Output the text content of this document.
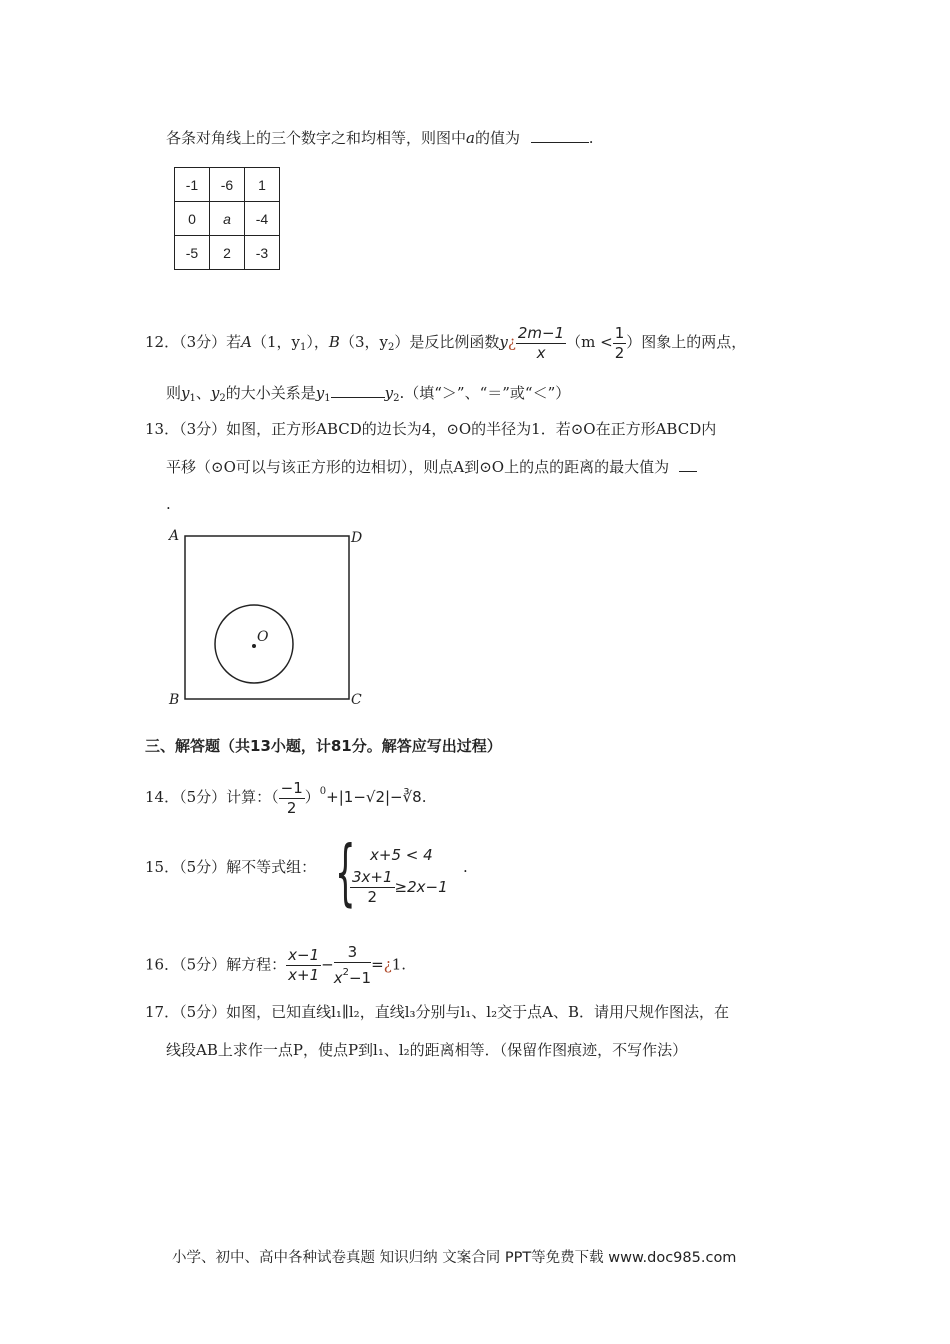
各条对角线上的三个数字之和均相等，则图中a的值为	.
-1	-6	1
0	a	-4
-5	2	-3
12．（3分）若A（1，$y_1$），B（3，$y_2$）是反比例函数y¿ $\frac{2m-1}{x} (m < \frac{1}{2}$ ）图象上的两点，
则$y_1$、$y_2$的大小关系是$y_1$	$y_2$.（填“＞”、“＝”或“＜”）
13．（3分）如图，正方形ABCD的边长为4，⊙O的半径为1．若⊙O在正方形ABCD内
平移（⊙O可以与该正方形的边相切），则点A到⊙O上的点的距离的最大值为
.
A	D
B	C
O
三、解答题（共13小题，计81分。解答应写出过程）
14．（5分）计算：（ $\frac{-1}{2}$ ）$^0$+|1−√2|−∛8.
15．（5分）解不等式组： { x+5 < 4
$\frac{3x+1}{2} \ge 2x-1$
.
16．（5分）解方程： $\frac{x-1}{x+1} - \frac{3}{x^2-1}$ =¿1.
17．（5分）如图，已知直线l₁∥l₂，直线l₃分别与l₁、l₂交于点A、B．请用尺规作图法，在
线段AB上求作一点P，使点P到l₁、l₂的距离相等．（保留作图痕迹，不写作法）
小学、初中、高中各种试卷真题 知识归纳 文案合同 PPT等免费下载 www.doc985.com
